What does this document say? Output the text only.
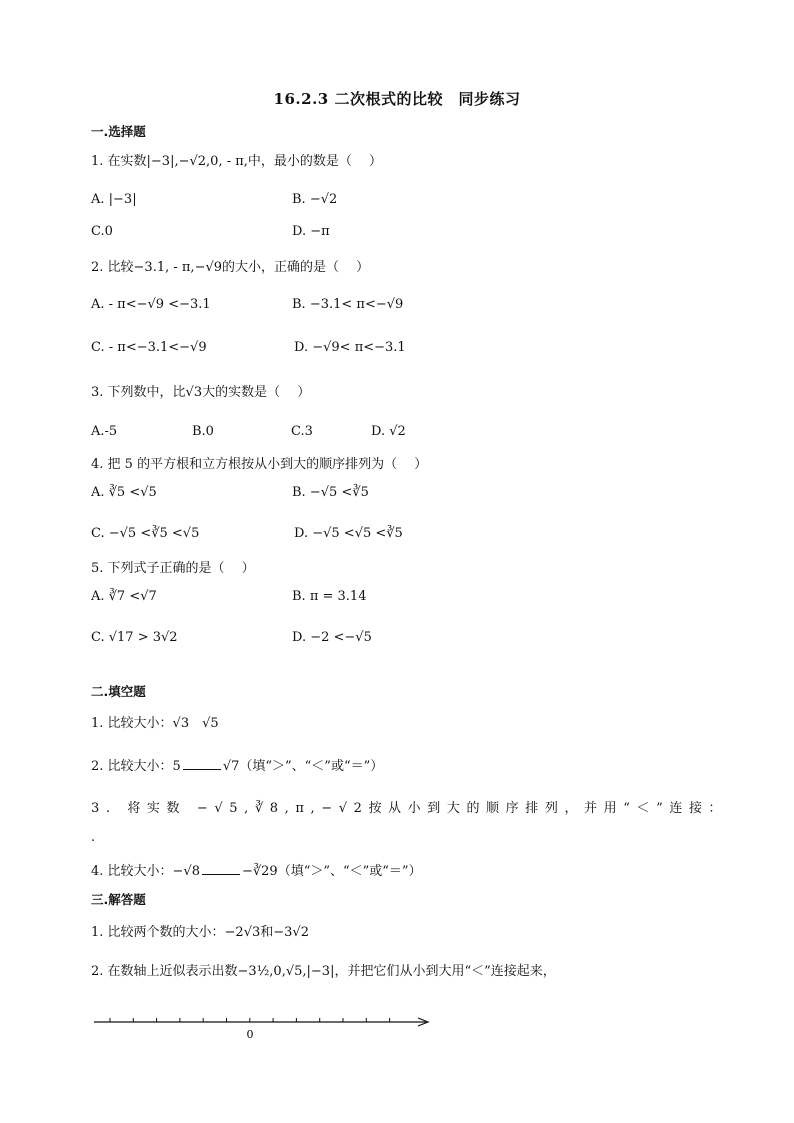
16.2.3 二次根式的比较　同步练习
一.选择题
1. 在实数|−3|,−√2,0, - π,中，最小的数是（　 ）
A. |−3|	B. −√2
C.0	D. −π
2. 比较−3.1, - π,−√9的大小，正确的是（　 ）
A. - π<−√9 <−3.1	B. −3.1< π<−√9
C. - π<−3.1<−√9	D. −√9< π<−3.1
3. 下列数中，比√3大的实数是（　 ）
A.-5	B.0	C.3	D. √2
4. 把 5 的平方根和立方根按从小到大的顺序排列为（　 ）
A. ∛5 <√5	B. −√5 <∛5
C. −√5 <∛5 <√5	D. −√5 <√5 <∛5
5. 下列式子正确的是（　 ）
A. ∛7 <√7	B. π = 3.14
C. √17 > 3√2	D. −2 <−√5
二.填空题
1. 比较大小：√3　√5
2. 比较大小：5	√7（填“＞”、“＜”或“＝”）
3. 将实数 −√5,∛8,π,−√2按从小到大的顺序排列，并用“＜”连接：
.
4. 比较大小：−√8	−∛29（填“＞”、“＜”或“＝”）
三.解答题
1. 比较两个数的大小：−2√3和−3√2
2. 在数轴上近似表示出数−3½,0,√5,|−3|，并把它们从小到大用“＜”连接起来，
0
